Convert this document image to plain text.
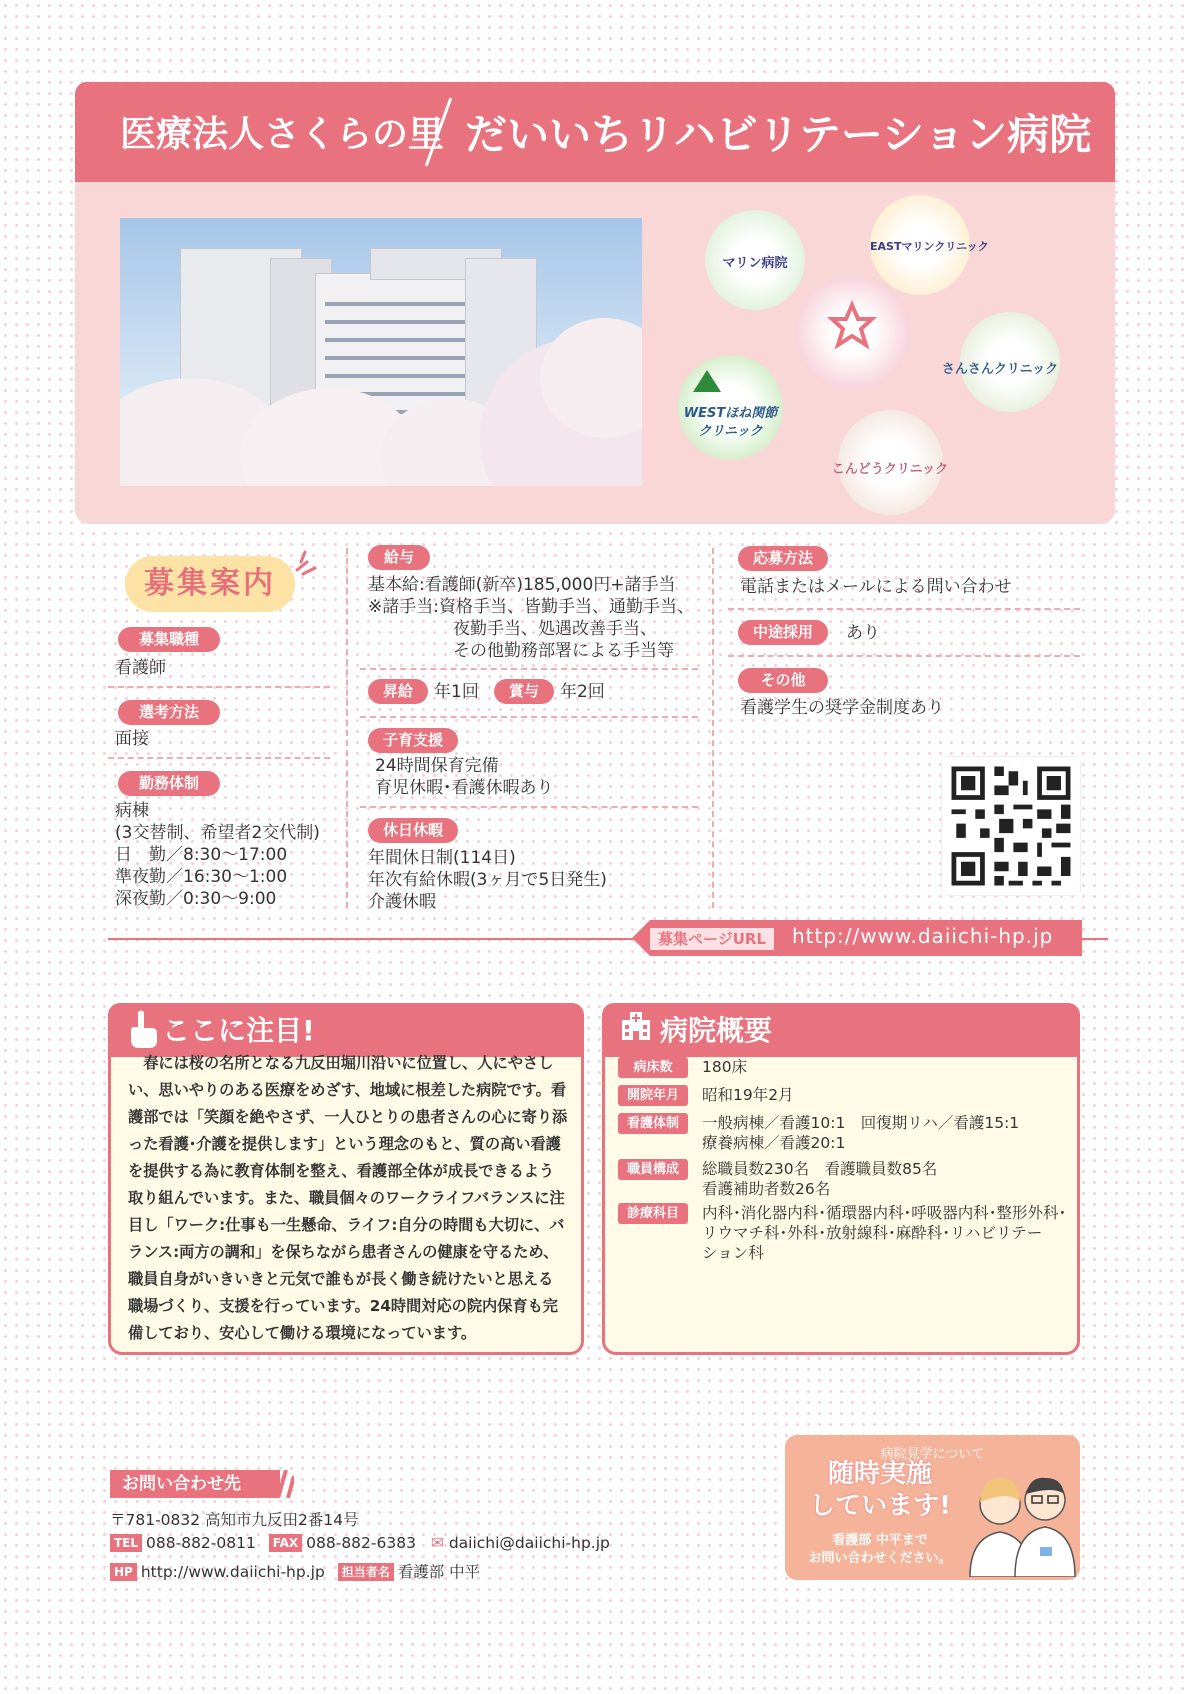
医療法人さくらの里 だいいちリハビリテーション病院
マリン病院
EASTマリンクリニック
さんさんクリニック
WESTほね関節
クリニック
こんどうクリニック
募集案内
募集職種
看護師
選考方法
面接
勤務体制
病棟
(3交替制、希望者2交代制)
日　勤／8:30〜17:00
準夜勤／16:30〜1:00
深夜勤／0:30〜9:00
給与
基本給:看護師(新卒)185,000円+諸手当
※諸手当:資格手当、皆勤手当、通勤手当、
　　　　　夜勤手当、処遇改善手当、
　　　　　その他勤務部署による手当等
昇給	年1回	賞与	年2回
子育支援
24時間保育完備
育児休暇･看護休暇あり
休日休暇
年間休日制(114日)
年次有給休暇(3ヶ月で5日発生)
介護休暇
応募方法
電話またはメールによる問い合わせ
中途採用	あり
その他
看護学生の奨学金制度あり
募集ページURL	http://www.daiichi-hp.jp
ここに注目!
　春には桜の名所となる九反田堀川沿いに位置し、人にやさしい、思いやりのある医療をめざす、地域に根差した病院です。看護部では「笑顔を絶やさず、一人ひとりの患者さんの心に寄り添った看護･介護を提供します」という理念のもと、質の高い看護を提供する為に教育体制を整え、看護部全体が成長できるよう取り組んでいます。また、職員個々のワークライフバランスに注目し「ワーク:仕事も一生懸命、ライフ:自分の時間も大切に、バランス:両方の調和」を保ちながら患者さんの健康を守るため、職員自身がいきいきと元気で誰もが長く働き続けたいと思える職場づくり、支援を行っています。24時間対応の院内保育も完備しており、安心して働ける環境になっています。
病院概要
病床数	180床
開院年月	昭和19年2月
看護体制	一般病棟／看護10:1　回復期リハ／看護15:1
療養病棟／看護20:1
職員構成	総職員数230名　看護職員数85名
看護補助者数26名
診療科目	内科･消化器内科･循環器内科･呼吸器内科･整形外科･
リウマチ科･外科･放射線科･麻酔科･リハビリテー
ション科
お問い合わせ先
〒781-0832 高知市九反田2番14号
TEL 088-882-0811 FAX 088-882-6383 ✉ daiichi@daiichi-hp.jp
HP http://www.daiichi-hp.jp 担当者名 看護部 中平
病院見学について
随時実施
しています!
看護部 中平まで
お問い合わせください。
